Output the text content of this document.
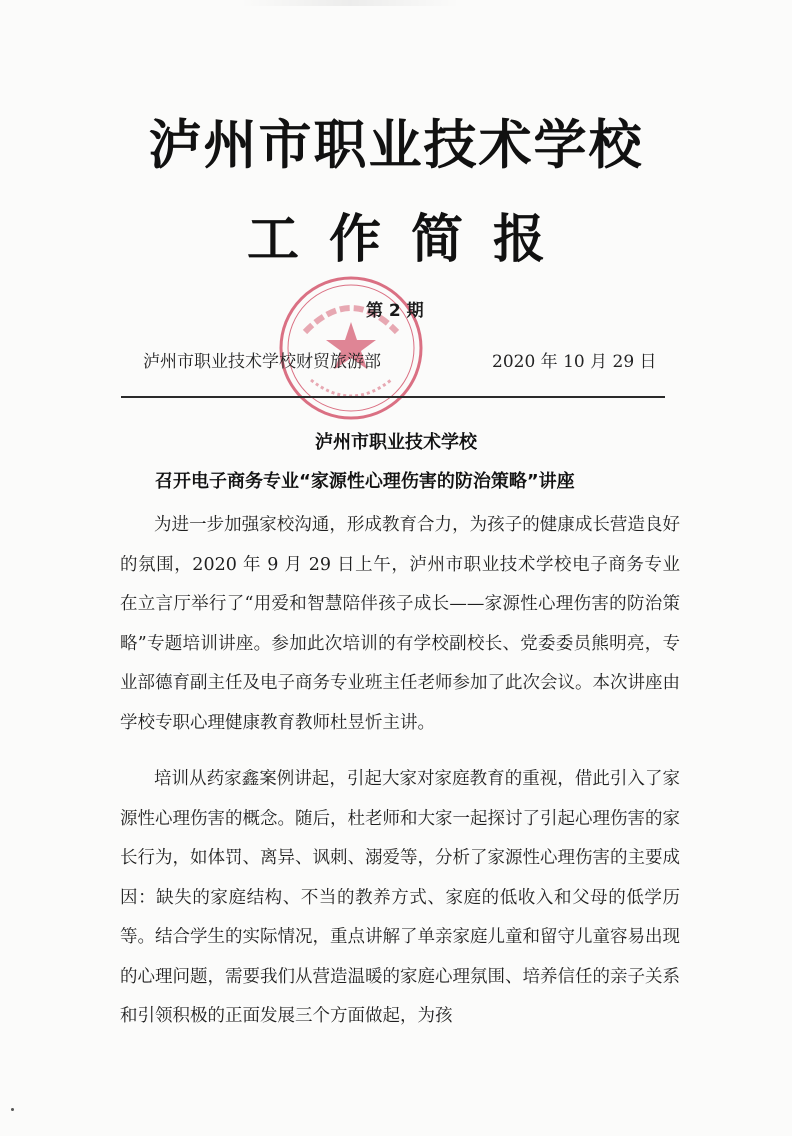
泸州市职业技术学校
工作简报
第 2 期
泸州市职业技术学校财贸旅游部	2020 年 10 月 29 日
泸州市职业技术学校
召开电子商务专业“家源性心理伤害的防治策略”讲座

为进一步加强家校沟通，形成教育合力，为孩子的健康成长营造良好的氛围，2020 年 9 月 29 日上午，泸州市职业技术学校电子商务专业在立言厅举行了“用爱和智慧陪伴孩子成长——家源性心理伤害的防治策略”专题培训讲座。参加此次培训的有学校副校长、党委委员熊明亮，专业部德育副主任及电子商务专业班主任老师参加了此次会议。本次讲座由学校专职心理健康教育教师杜昱忻主讲。

培训从药家鑫案例讲起，引起大家对家庭教育的重视，借此引入了家源性心理伤害的概念。随后，杜老师和大家一起探讨了引起心理伤害的家长行为，如体罚、离异、讽刺、溺爱等，分析了家源性心理伤害的主要成因：缺失的家庭结构、不当的教养方式、家庭的低收入和父母的低学历等。结合学生的实际情况，重点讲解了单亲家庭儿童和留守儿童容易出现的心理问题，需要我们从营造温暖的家庭心理氛围、培养信任的亲子关系和引领积极的正面发展三个方面做起，为孩
